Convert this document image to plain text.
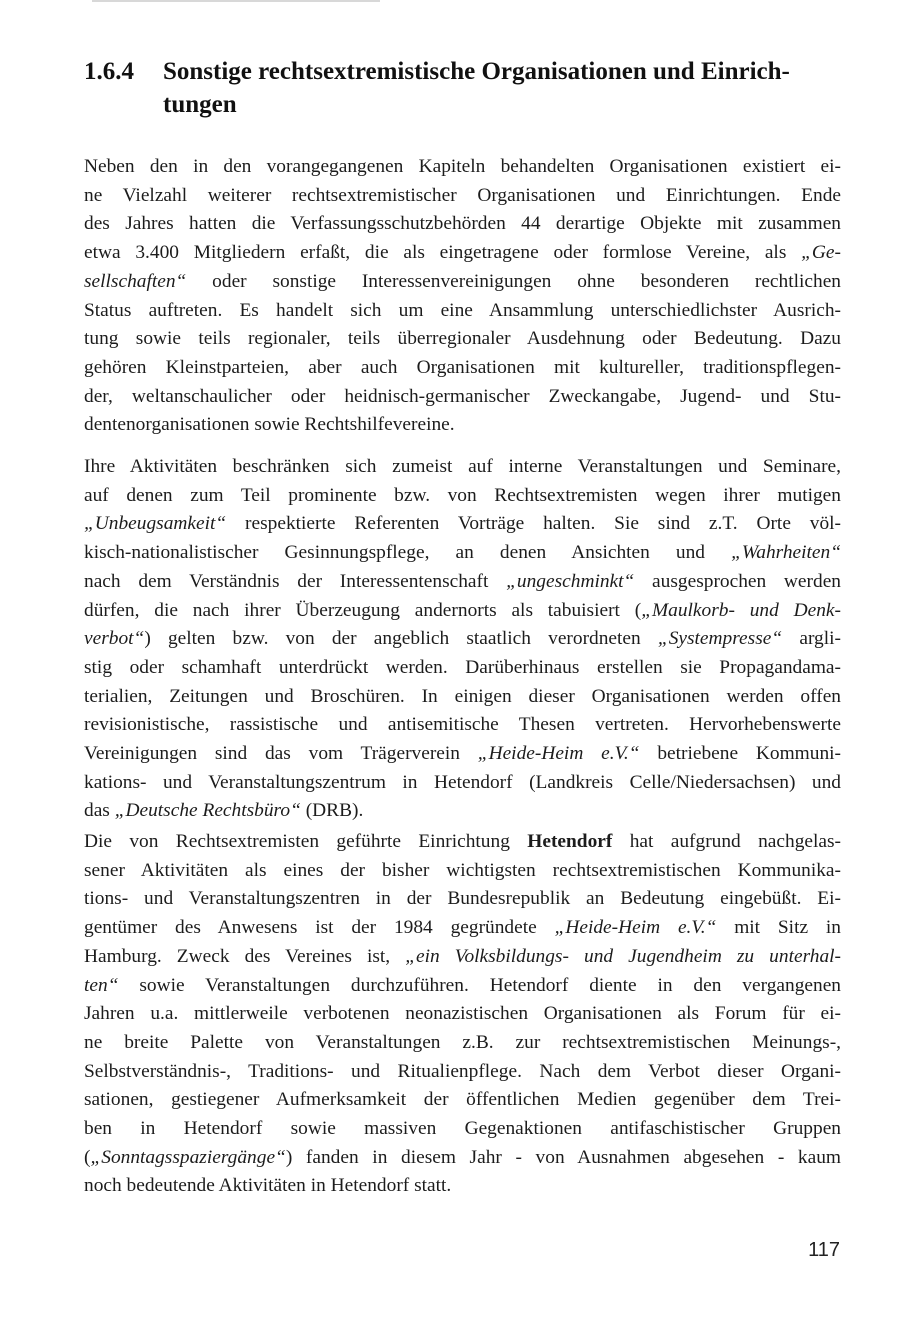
1.6.4 Sonstige rechtsextremistische Organisationen und Einrich-
tungen
Neben den in den vorangegangenen Kapiteln behandelten Organisationen existiert ei-
ne Vielzahl weiterer rechtsextremistischer Organisationen und Einrichtungen. Ende
des Jahres hatten die Verfassungsschutzbehörden 44 derartige Objekte mit zusammen
etwa 3.400 Mitgliedern erfaßt, die als eingetragene oder formlose Vereine, als „Ge-
sellschaften“ oder sonstige Interessenvereinigungen ohne besonderen rechtlichen
Status auftreten. Es handelt sich um eine Ansammlung unterschiedlichster Ausrich-
tung sowie teils regionaler, teils überregionaler Ausdehnung oder Bedeutung. Dazu
gehören Kleinstparteien, aber auch Organisationen mit kultureller, traditionspflegen-
der, weltanschaulicher oder heidnisch-germanischer Zweckangabe, Jugend- und Stu-
dentenorganisationen sowie Rechtshilfevereine.
Ihre Aktivitäten beschränken sich zumeist auf interne Veranstaltungen und Seminare,
auf denen zum Teil prominente bzw. von Rechtsextremisten wegen ihrer mutigen
„Unbeugsamkeit“ respektierte Referenten Vorträge halten. Sie sind z.T. Orte völ-
kisch-nationalistischer Gesinnungspflege, an denen Ansichten und „Wahrheiten“
nach dem Verständnis der Interessentenschaft „ungeschminkt“ ausgesprochen werden
dürfen, die nach ihrer Überzeugung andernorts als tabuisiert („Maulkorb- und Denk-
verbot“) gelten bzw. von der angeblich staatlich verordneten „Systempresse“ argli-
stig oder schamhaft unterdrückt werden. Darüberhinaus erstellen sie Propagandama-
terialien, Zeitungen und Broschüren. In einigen dieser Organisationen werden offen
revisionistische, rassistische und antisemitische Thesen vertreten. Hervorhebenswerte
Vereinigungen sind das vom Trägerverein „Heide-Heim e.V.“ betriebene Kommuni-
kations- und Veranstaltungszentrum in Hetendorf (Landkreis Celle/Niedersachsen) und
das „Deutsche Rechtsbüro“ (DRB).
Die von Rechtsextremisten geführte Einrichtung Hetendorf hat aufgrund nachgelas-
sener Aktivitäten als eines der bisher wichtigsten rechtsextremistischen Kommunika-
tions- und Veranstaltungszentren in der Bundesrepublik an Bedeutung eingebüßt. Ei-
gentümer des Anwesens ist der 1984 gegründete „Heide-Heim e.V.“ mit Sitz in
Hamburg. Zweck des Vereines ist, „ein Volksbildungs- und Jugendheim zu unterhal-
ten“ sowie Veranstaltungen durchzuführen. Hetendorf diente in den vergangenen
Jahren u.a. mittlerweile verbotenen neonazistischen Organisationen als Forum für ei-
ne breite Palette von Veranstaltungen z.B. zur rechtsextremistischen Meinungs-,
Selbstverständnis-, Traditions- und Ritualienpflege. Nach dem Verbot dieser Organi-
sationen, gestiegener Aufmerksamkeit der öffentlichen Medien gegenüber dem Trei-
ben in Hetendorf sowie massiven Gegenaktionen antifaschistischer Gruppen
(„Sonntagsspaziergänge“) fanden in diesem Jahr - von Ausnahmen abgesehen - kaum
noch bedeutende Aktivitäten in Hetendorf statt.
117
